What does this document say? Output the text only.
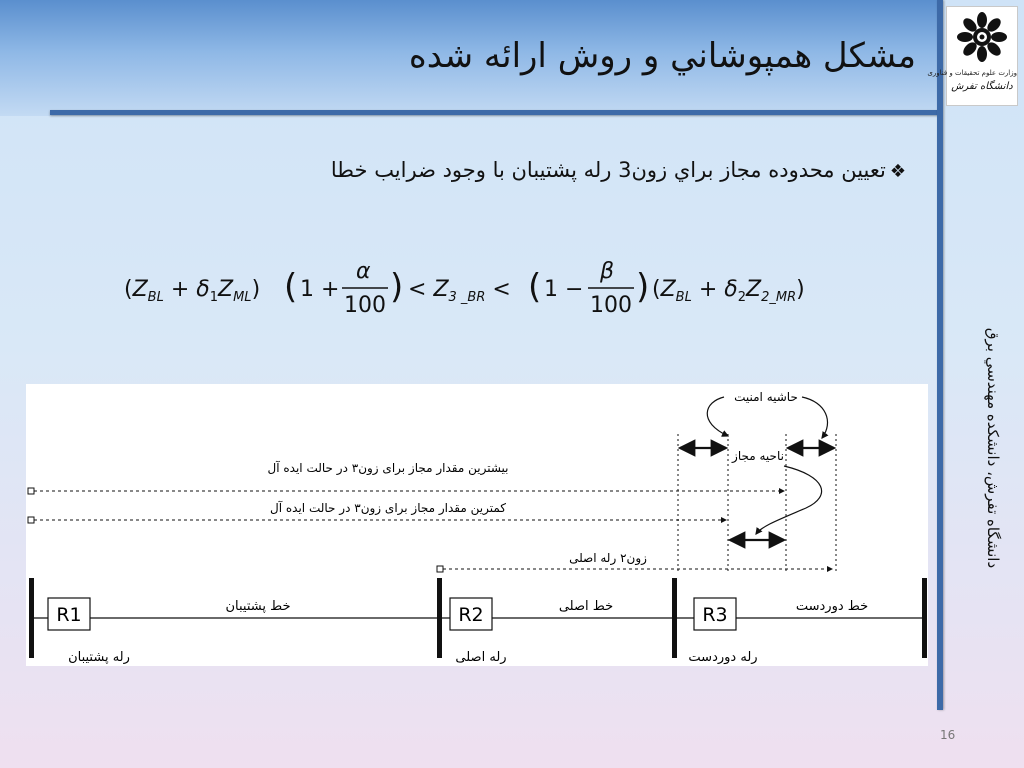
مشكل همپوشاني و روش ارائه شده وزارت علوم تحقیقات و فناوری
دانشگاه تفرش
دانشگاه تفرش، دانشكده مهندسي برق
❖تعيين محدوده مجاز براي زون3 رله پشتيبان با وجود ضرايب خطا
$(Z_{BL} + \delta_1Z_{ML})$ ( 1 +
α
100 ) < $Z_{3 \_BR}$ < ( 1 −
β
100 ) $(Z_{BL} + \delta_2Z_{2\_MR})$
R1	R2	R3
رله پشتیبان	رله اصلی	رله دوردست
خط پشتیبان	خط اصلی	خط دوردست
حاشیه امنیت
ناحیه مجاز
بیشترین مقدار مجاز برای زون۳ در حالت ایده آل
کمترین مقدار مجاز برای زون۳ در حالت ایده آل
زون۲ رله اصلی
16
